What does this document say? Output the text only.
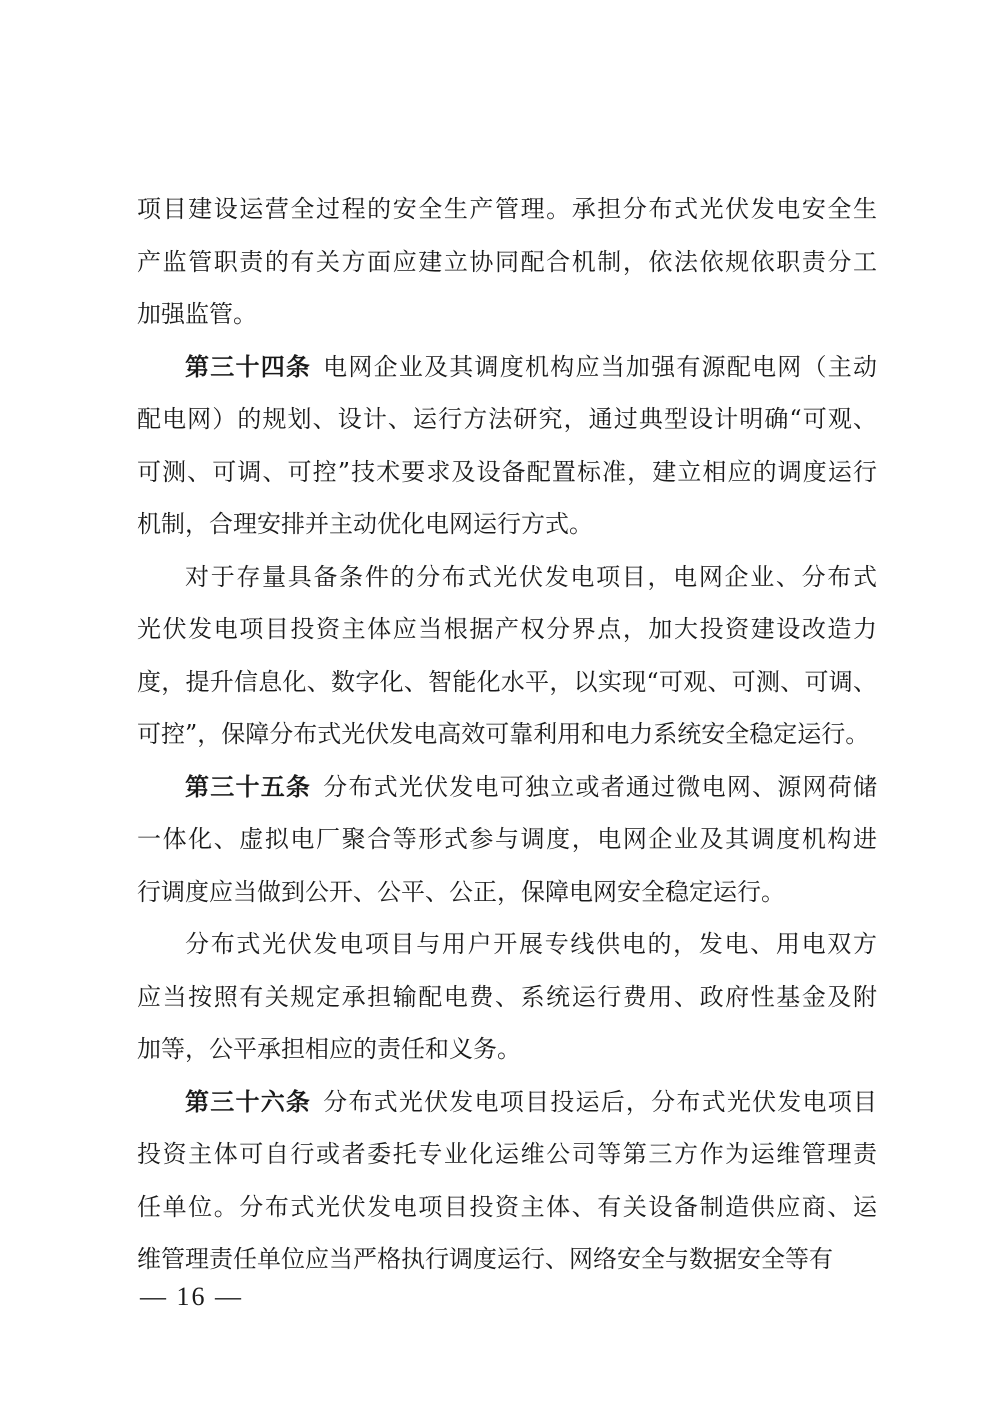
项目建设运营全过程的安全生产管理。承担分布式光伏发电安全生
产监管职责的有关方面应建立协同配合机制，依法依规依职责分工
加强监管。
第三十四条 电网企业及其调度机构应当加强有源配电网（主动
配电网）的规划、设计、运行方法研究，通过典型设计明确“可观、
可测、可调、可控”技术要求及设备配置标准，建立相应的调度运行
机制，合理安排并主动优化电网运行方式。
对于存量具备条件的分布式光伏发电项目，电网企业、分布式
光伏发电项目投资主体应当根据产权分界点，加大投资建设改造力
度，提升信息化、数字化、智能化水平，以实现“可观、可测、可调、
可控”，保障分布式光伏发电高效可靠利用和电力系统安全稳定运行。
第三十五条 分布式光伏发电可独立或者通过微电网、源网荷储
一体化、虚拟电厂聚合等形式参与调度，电网企业及其调度机构进
行调度应当做到公开、公平、公正，保障电网安全稳定运行。
分布式光伏发电项目与用户开展专线供电的，发电、用电双方
应当按照有关规定承担输配电费、系统运行费用、政府性基金及附
加等，公平承担相应的责任和义务。
第三十六条 分布式光伏发电项目投运后，分布式光伏发电项目
投资主体可自行或者委托专业化运维公司等第三方作为运维管理责
任单位。分布式光伏发电项目投资主体、有关设备制造供应商、运
维管理责任单位应当严格执行调度运行、网络安全与数据安全等有
— 16 —
